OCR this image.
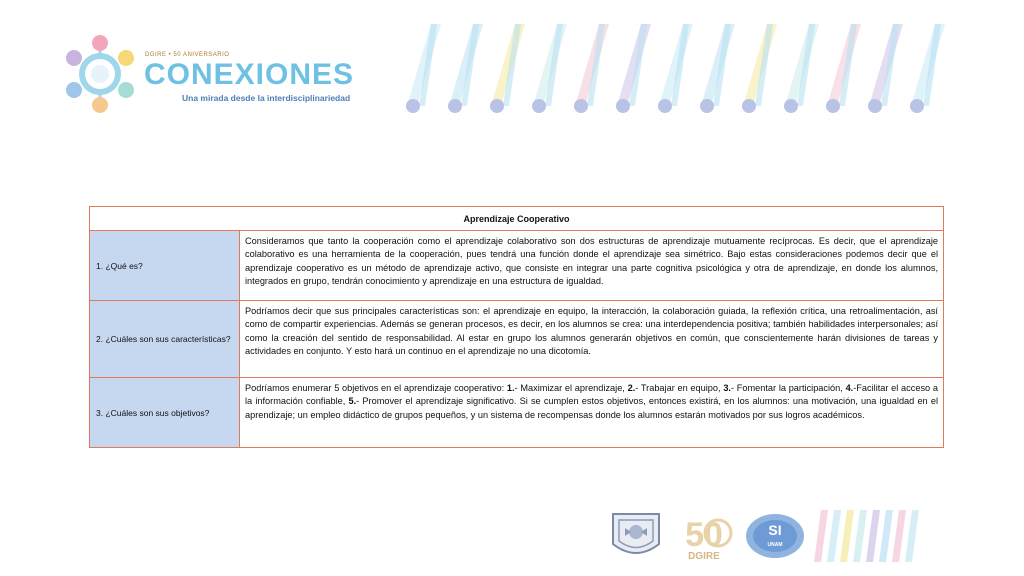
DGIRE • 50 ANIVERSARIO
CONEXIONES
Una mirada desde la interdisciplinariedad
Aprendizaje Cooperativo	
1. ¿Qué es?	Consideramos que tanto la cooperación como el aprendizaje colaborativo son dos estructuras de aprendizaje mutuamente recíprocas. Es decir, que el aprendizaje colaborativo es una herramienta de la cooperación, pues tendrá una función donde el aprendizaje sea simétrico. Bajo estas consideraciones podemos decir que el aprendizaje cooperativo es un método de aprendizaje activo, que consiste en integrar una parte cognitiva psicológica y otra de aprendizaje, en donde los alumnos, integrados en grupo, tendrán conocimiento y aprendizaje en una estructura de igualdad.
2. ¿Cuáles son sus características?	Podríamos decir que sus principales características son: el aprendizaje en equipo, la interacción, la colaboración guiada, la reflexión crítica, una retroalimentación, así como de compartir experiencias. Además se generan procesos, es decir, en los alumnos se crea: una interdependencia positiva; también habilidades interpersonales; así como la creación del sentido de responsabilidad. Al estar en grupo los alumnos generarán objetivos en común, que conscientemente harán divisiones de tareas y actividades en conjunto. Y esto hará un continuo en el aprendizaje no una dicotomía.
3. ¿Cuáles son sus objetivos?	Podríamos enumerar 5 objetivos en el aprendizaje cooperativo: 1.- Maximizar el aprendizaje, 2.- Trabajar en equipo, 3.- Fomentar la participación, 4.-Facilitar el acceso a la información confiable, 5.- Promover el aprendizaje significativo. Si se cumplen estos objetivos, entonces existirá, en los alumnos: una motivación, una igualdad en el aprendizaje; un empleo didáctico de grupos pequeños, y un sistema de recompensas donde los alumnos estarán motivados por sus logros académicos.
50
DGIRE
SI
UNAM
